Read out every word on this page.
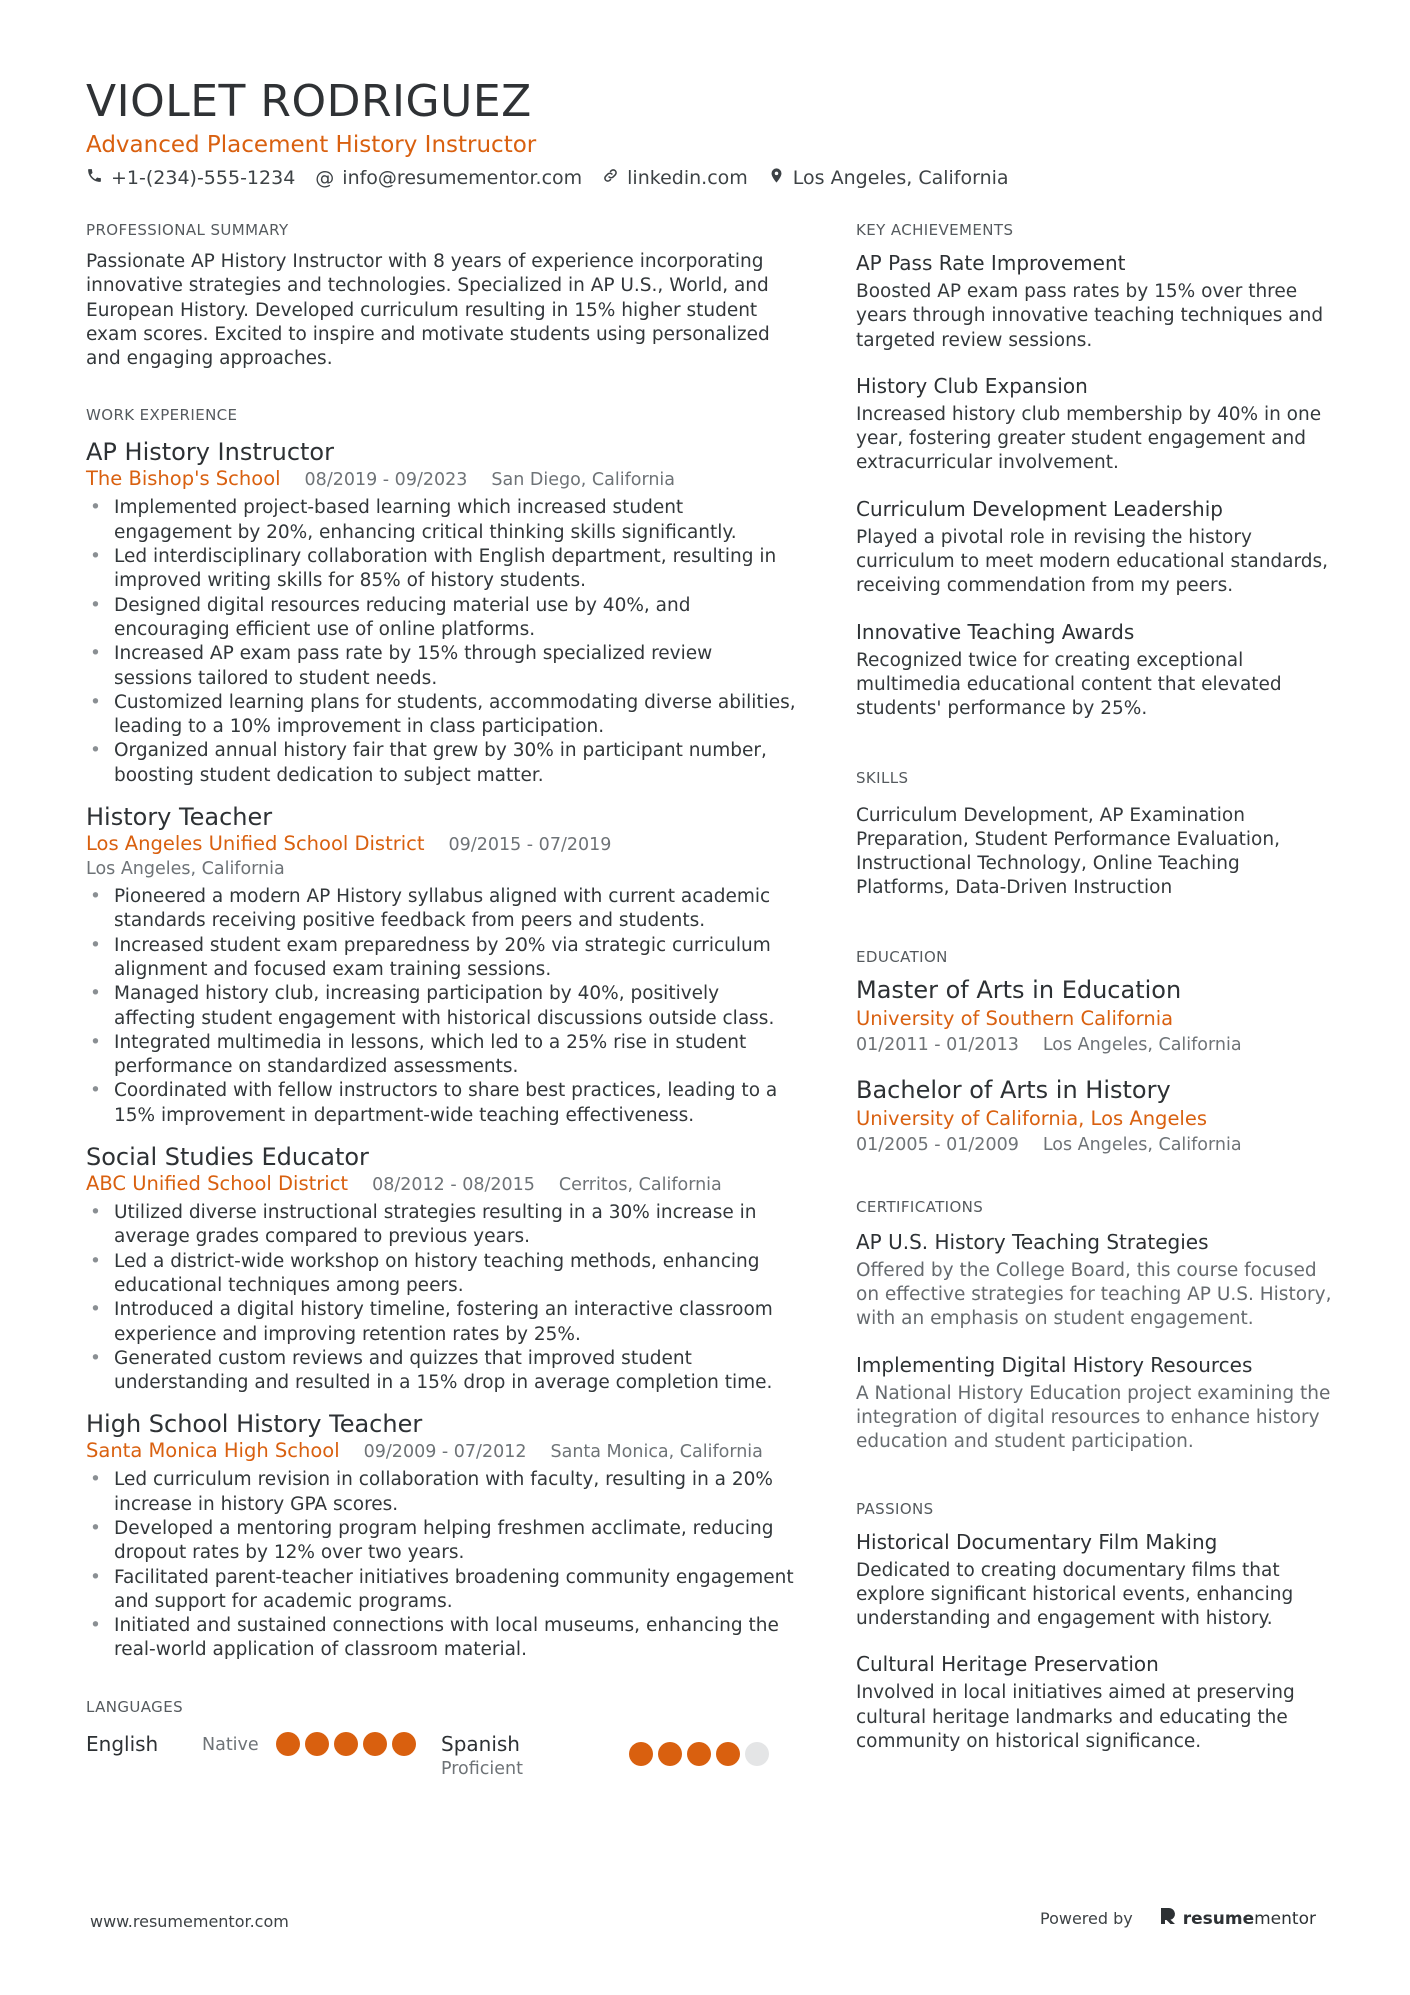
VIOLET RODRIGUEZ
Advanced Placement History Instructor
+1-(234)-555-1234 @ info@resumementor.com linkedin.com Los Angeles, California
PROFESSIONAL SUMMARY
Passionate AP History Instructor with 8 years of experience incorporating innovative strategies and technologies. Specialized in AP U.S., World, and European History. Developed curriculum resulting in 15% higher student exam scores. Excited to inspire and motivate students using personalized and engaging approaches.
WORK EXPERIENCE
AP History Instructor
The Bishop's School 08/2019 - 09/2023 San Diego, California
• Implemented project-based learning which increased student engagement by 20%, enhancing critical thinking skills significantly.
• Led interdisciplinary collaboration with English department, resulting in improved writing skills for 85% of history students.
• Designed digital resources reducing material use by 40%, and encouraging efficient use of online platforms.
• Increased AP exam pass rate by 15% through specialized review sessions tailored to student needs.
• Customized learning plans for students, accommodating diverse abilities, leading to a 10% improvement in class participation.
• Organized annual history fair that grew by 30% in participant number, boosting student dedication to subject matter.
History Teacher
Los Angeles Unified School District 09/2015 - 07/2019
Los Angeles, California
• Pioneered a modern AP History syllabus aligned with current academic standards receiving positive feedback from peers and students.
• Increased student exam preparedness by 20% via strategic curriculum alignment and focused exam training sessions.
• Managed history club, increasing participation by 40%, positively affecting student engagement with historical discussions outside class.
• Integrated multimedia in lessons, which led to a 25% rise in student performance on standardized assessments.
• Coordinated with fellow instructors to share best practices, leading to a 15% improvement in department-wide teaching effectiveness.
Social Studies Educator
ABC Unified School District 08/2012 - 08/2015 Cerritos, California
• Utilized diverse instructional strategies resulting in a 30% increase in average grades compared to previous years.
• Led a district-wide workshop on history teaching methods, enhancing educational techniques among peers.
• Introduced a digital history timeline, fostering an interactive classroom experience and improving retention rates by 25%.
• Generated custom reviews and quizzes that improved student understanding and resulted in a 15% drop in average completion time.
High School History Teacher
Santa Monica High School 09/2009 - 07/2012 Santa Monica, California
• Led curriculum revision in collaboration with faculty, resulting in a 20% increase in history GPA scores.
• Developed a mentoring program helping freshmen acclimate, reducing dropout rates by 12% over two years.
• Facilitated parent-teacher initiatives broadening community engagement and support for academic programs.
• Initiated and sustained connections with local museums, enhancing the real-world application of classroom material.
LANGUAGES
English	Native	Spanish
Proficient
KEY ACHIEVEMENTS
AP Pass Rate Improvement
Boosted AP exam pass rates by 15% over three years through innovative teaching techniques and targeted review sessions.
History Club Expansion
Increased history club membership by 40% in one year, fostering greater student engagement and extracurricular involvement.
Curriculum Development Leadership
Played a pivotal role in revising the history curriculum to meet modern educational standards, receiving commendation from my peers.
Innovative Teaching Awards
Recognized twice for creating exceptional multimedia educational content that elevated students' performance by 25%.
SKILLS
Curriculum Development, AP Examination Preparation, Student Performance Evaluation, Instructional Technology, Online Teaching Platforms, Data-Driven Instruction
EDUCATION
Master of Arts in Education
University of Southern California
01/2011 - 01/2013 Los Angeles, California
Bachelor of Arts in History
University of California, Los Angeles
01/2005 - 01/2009 Los Angeles, California
CERTIFICATIONS
AP U.S. History Teaching Strategies
Offered by the College Board, this course focused on effective strategies for teaching AP U.S. History, with an emphasis on student engagement.
Implementing Digital History Resources
A National History Education project examining the integration of digital resources to enhance history education and student participation.
PASSIONS
Historical Documentary Film Making
Dedicated to creating documentary films that explore significant historical events, enhancing understanding and engagement with history.
Cultural Heritage Preservation
Involved in local initiatives aimed at preserving cultural heritage landmarks and educating the community on historical significance.
www.resumementor.com	Powered by	resumementor
